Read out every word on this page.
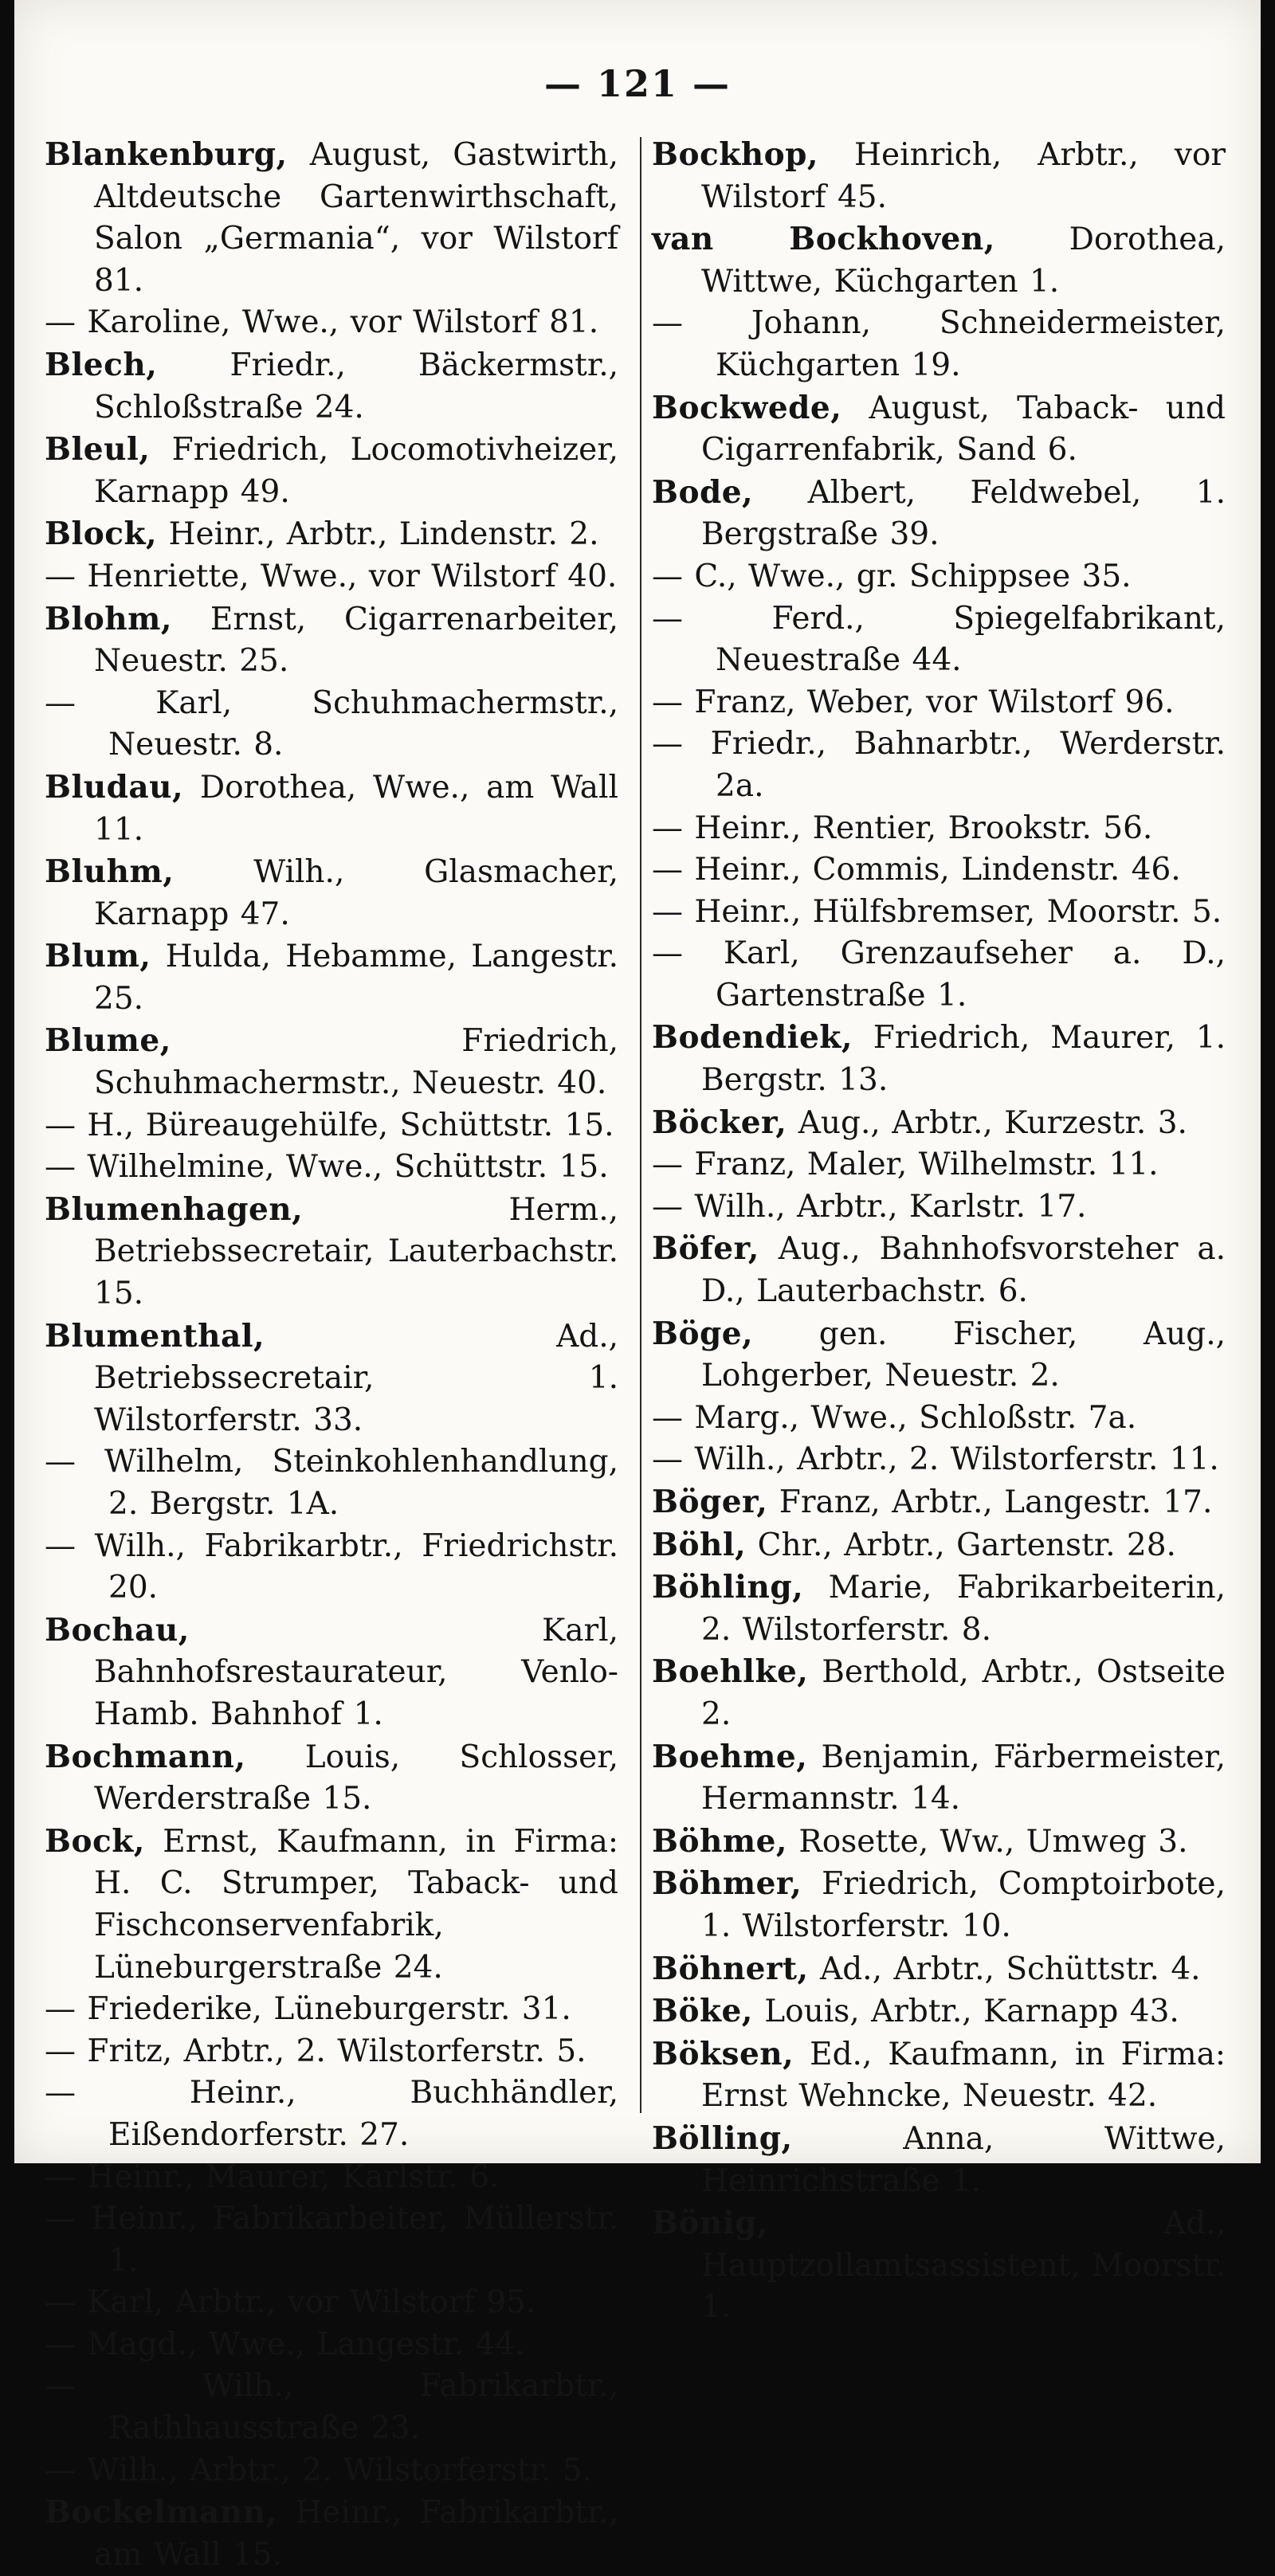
— 121 —

Blankenburg, August, Gastwirth, Altdeutsche Gartenwirthschaft, Salon „Germania“, vor Wilstorf 81.

— Karoline, Wwe., vor Wilstorf 81.

Blech, Friedr., Bäckermstr., Schloßstraße 24.

Bleul, Friedrich, Locomotivheizer, Karnapp 49.

Block, Heinr., Arbtr., Lindenstr. 2.

— Henriette, Wwe., vor Wilstorf 40.

Blohm, Ernst, Cigarrenarbeiter, Neuestr. 25.

— Karl, Schuhmachermstr., Neuestr. 8.

Bludau, Dorothea, Wwe., am Wall 11.

Bluhm, Wilh., Glasmacher, Karnapp 47.

Blum, Hulda, Hebamme, Langestr. 25.

Blume, Friedrich, Schuhmachermstr., Neuestr. 40.

— H., Büreaugehülfe, Schüttstr. 15.

— Wilhelmine, Wwe., Schüttstr. 15.

Blumenhagen, Herm., Betriebssecretair, Lauterbachstr. 15.

Blumenthal, Ad., Betriebssecretair, 1. Wilstorferstr. 33.

— Wilhelm, Steinkohlenhandlung, 2. Bergstr. 1A.

— Wilh., Fabrikarbtr., Friedrichstr. 20.

Bochau, Karl, Bahnhofsrestaurateur, Venlo-Hamb. Bahnhof 1.

Bochmann, Louis, Schlosser, Werderstraße 15.

Bock, Ernst, Kaufmann, in Firma: H. C. Strumper, Taback- und Fischconservenfabrik, Lüneburgerstraße 24.

— Friederike, Lüneburgerstr. 31.

— Fritz, Arbtr., 2. Wilstorferstr. 5.

— Heinr., Buchhändler, Eißendorferstr. 27.

— Heinr., Maurer, Karlstr. 6.

— Heinr., Fabrikarbeiter, Müllerstr. 1.

— Karl, Arbtr., vor Wilstorf 95.

— Magd., Wwe., Langestr. 44.

— Wilh., Fabrikarbtr., Rathhausstraße 23.

— Wilh., Arbtr., 2. Wilstorferstr. 5.

Bockelmann, Heinr., Fabrikarbtr., am Wall 15.

Bockhop, Heinrich, Arbtr., vor Wilstorf 45.

van Bockhoven, Dorothea, Wittwe, Küchgarten 1.

— Johann, Schneidermeister, Küchgarten 19.

Bockwede, August, Taback- und Cigarrenfabrik, Sand 6.

Bode, Albert, Feldwebel, 1. Bergstraße 39.

— C., Wwe., gr. Schippsee 35.

— Ferd., Spiegelfabrikant, Neuestraße 44.

— Franz, Weber, vor Wilstorf 96.

— Friedr., Bahnarbtr., Werderstr. 2a.

— Heinr., Rentier, Brookstr. 56.

— Heinr., Commis, Lindenstr. 46.

— Heinr., Hülfsbremser, Moorstr. 5.

— Karl, Grenzaufseher a. D., Gartenstraße 1.

Bodendiek, Friedrich, Maurer, 1. Bergstr. 13.

Böcker, Aug., Arbtr., Kurzestr. 3.

— Franz, Maler, Wilhelmstr. 11.

— Wilh., Arbtr., Karlstr. 17.

Böfer, Aug., Bahnhofsvorsteher a. D., Lauterbachstr. 6.

Böge, gen. Fischer, Aug., Lohgerber, Neuestr. 2.

— Marg., Wwe., Schloßstr. 7a.

— Wilh., Arbtr., 2. Wilstorferstr. 11.

Böger, Franz, Arbtr., Langestr. 17.

Böhl, Chr., Arbtr., Gartenstr. 28.

Böhling, Marie, Fabrikarbeiterin, 2. Wilstorferstr. 8.

Boehlke, Berthold, Arbtr., Ostseite 2.

Boehme, Benjamin, Färbermeister, Hermannstr. 14.

Böhme, Rosette, Ww., Umweg 3.

Böhmer, Friedrich, Comptoirbote, 1. Wilstorferstr. 10.

Böhnert, Ad., Arbtr., Schüttstr. 4.

Böke, Louis, Arbtr., Karnapp 43.

Böksen, Ed., Kaufmann, in Firma: Ernst Wehncke, Neuestr. 42.

Bölling, Anna, Wittwe, Heinrichstraße 1.

Bönig, Ad., Hauptzollamtsassistent, Moorstr. 1.
